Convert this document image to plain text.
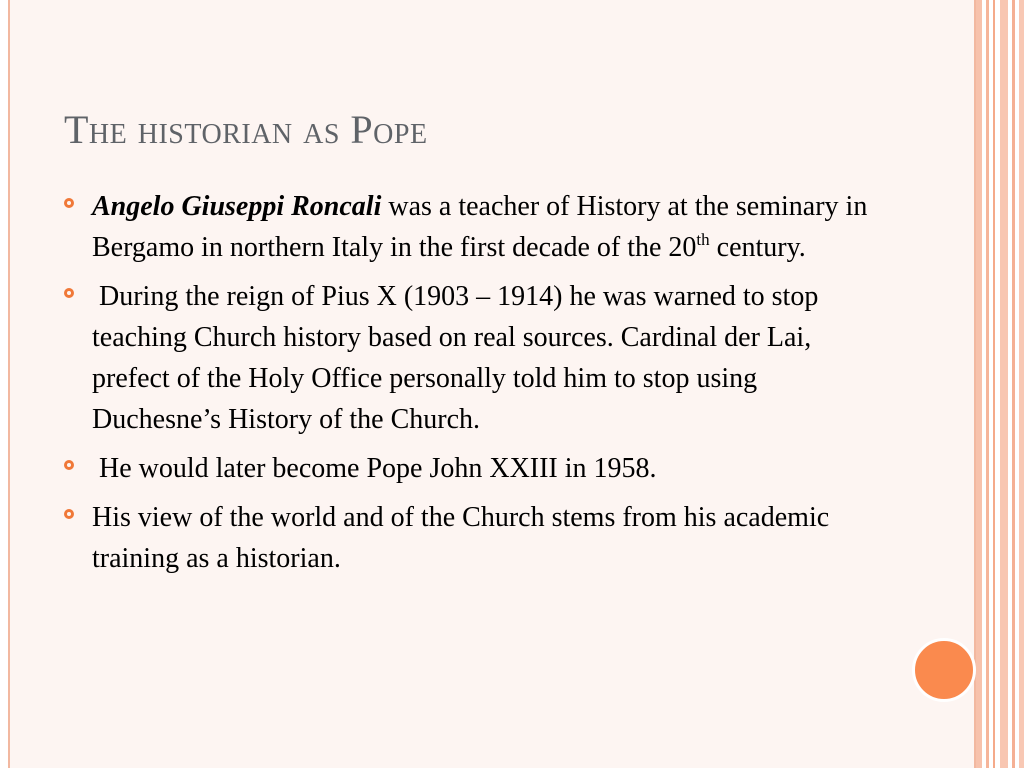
The historian as Pope
Angelo Giuseppi Roncali was a teacher of History at the seminary in Bergamo in northern Italy in the first decade of the 20th century.
During the reign of Pius X (1903 – 1914) he was warned to stop teaching Church history based on real sources. Cardinal der Lai, prefect of the Holy Office personally told him to stop using Duchesne’s History of the Church.
He would later become Pope John XXIII in 1958.
His view of the world and of the Church stems from his academic training as a historian.
